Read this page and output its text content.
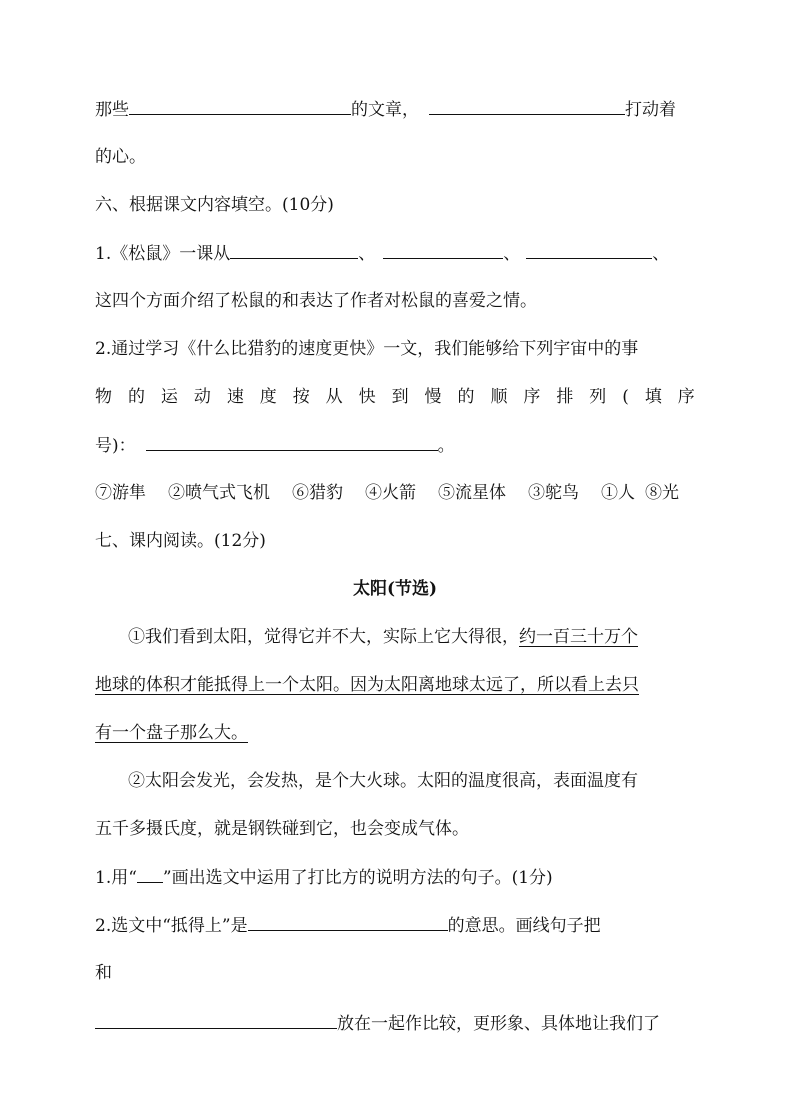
那些	的文章，	打动着
的心。
六、根据课文内容填空。(10分)
1.《松鼠》一课从	、	、	、
这四个方面介绍了松鼠的和表达了作者对松鼠的喜爱之情。
2.通过学习《什么比猎豹的速度更快》一文，我们能够给下列宇宙中的事
物 的 运 动 速 度 按 从 快 到 慢 的 顺 序 排 列 ( 填 序
号)：	。
⑦游隼 ②喷气式飞机 ⑥猎豹 ④火箭 ⑤流星体 ③鸵鸟 ①人 ⑧光
七、课内阅读。(12分)
太阳(节选)
①我们看到太阳，觉得它并不大，实际上它大得很，约一百三十万个
地球的体积才能抵得上一个太阳。因为太阳离地球太远了，所以看上去只
有一个盘子那么大。
②太阳会发光，会发热，是个大火球。太阳的温度很高，表面温度有
五千多摄氏度，就是钢铁碰到它，也会变成气体。
1.用“ ”画出选文中运用了打比方的说明方法的句子。(1分)
2.选文中“抵得上”是	的意思。画线句子把
和
放在一起作比较，更形象、具体地让我们了
